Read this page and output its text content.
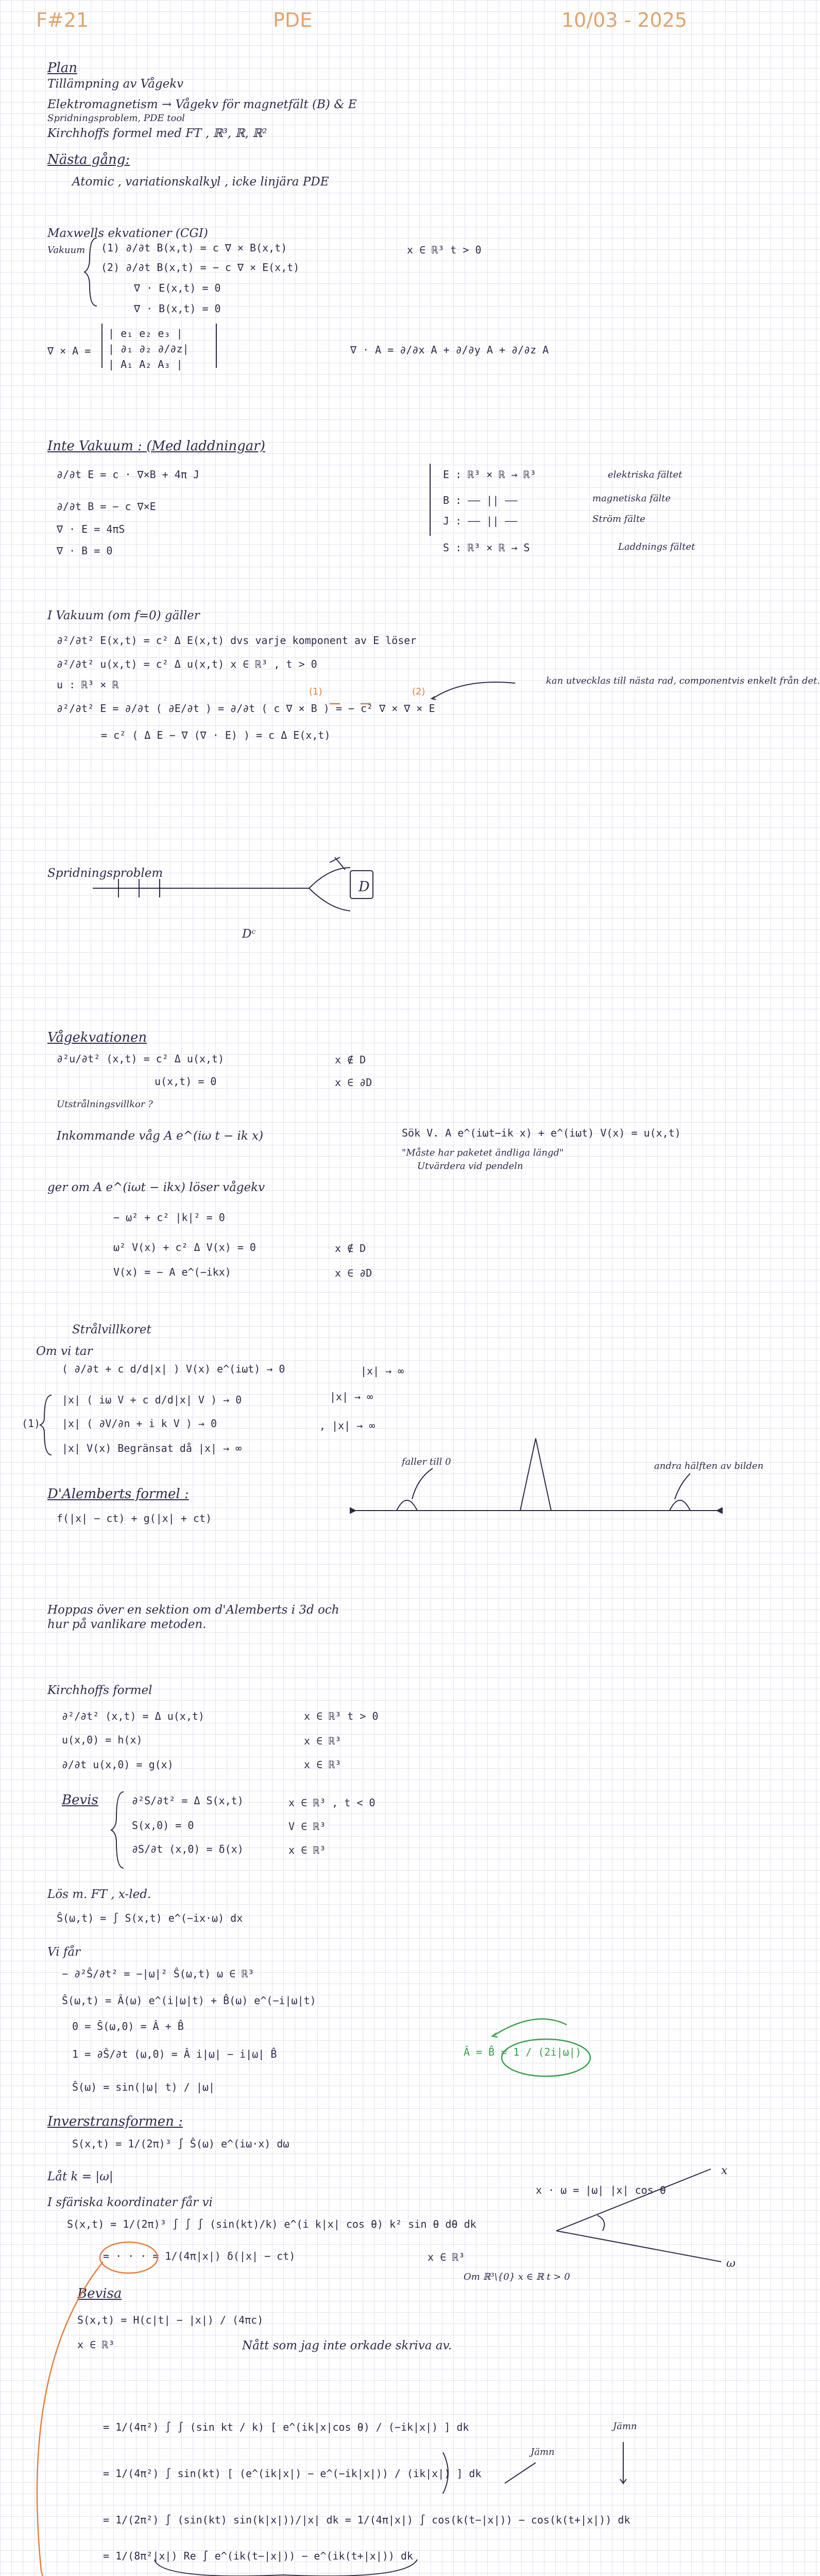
F#21	PDE	10/03 - 2025
Plan
Tillämpning av Vågekv
Elektromagnetism → Vågekv för magnetfält (B) & E
Spridningsproblem, PDE tool
Kirchhoffs formel med FT , ℝ³, ℝ, ℝ²
Nästa gång:
Atomic , variationskalkyl , icke linjära PDE
Maxwells ekvationer (CGI)
Vakuum (1) ∂/∂t B(x,t) = c ∇ × B(x,t)	x ∈ ℝ³ t > 0
(2) ∂/∂t B(x,t) = − c ∇ × E(x,t)
∇ · E(x,t) = 0
∇ · B(x,t) = 0
∇ × A =
| e₁ e₂ e₃ |
| ∂₁ ∂₂ ∂/∂z|
| A₁ A₂ A₃ |
∇ · A = ∂/∂x A + ∂/∂y A + ∂/∂z A
Inte Vakuum : (Med laddningar)
∂/∂t E = c · ∇×B + 4π J
∂/∂t B = − c ∇×E
∇ · E = 4πS
∇ · B = 0
E : ℝ³ × ℝ → ℝ³	elektriska fältet
B : —— || ——	magnetiska fälte
J : —— || ——	Ström fälte
S : ℝ³ × ℝ → S	Laddnings fältet
I Vakuum (om f=0) gäller
∂²/∂t² E(x,t) = c² Δ E(x,t) dvs varje komponent av E löser
∂²/∂t² u(x,t) = c² Δ u(x,t) x ∈ ℝ³ , t > 0
u : ℝ³ × ℝ	kan utvecklas till nästa rad, componentvis enkelt från det.
∂²/∂t² E = ∂/∂t ( ∂E/∂t ) = ∂/∂t ( c ∇ × B ) = − c² ∇ × ∇ × E
= c² ( Δ E − ∇ (∇ · E) ) = c Δ E(x,t)
Spridningsproblem
D
Dᶜ
Vågekvationen
∂²u/∂t² (x,t) = c² Δ u(x,t)	x ∉ D
u(x,t) = 0	x ∈ ∂D
Utstrålningsvillkor ?
Inkommande våg A e^(iω t − ik x)	Sök V. A e^(iωt−ik x) + e^(iωt) V(x) = u(x,t)
"Måste har paketet ändliga längd"
Utvärdera vid pendeln
ger om A e^(iωt − ikx) löser vågekv
− ω² + c² |k|² = 0
ω² V(x) + c² Δ V(x) = 0	x ∉ D
V(x) = − A e^(−ikx)	x ∈ ∂D
Strålvillkoret
Om vi tar
( ∂/∂t + c d/d|x| ) V(x) e^(iωt) → 0	|x| → ∞
|x| ( iω V + c d/d|x| V ) → 0	|x| → ∞
(1) |x| ( ∂V/∂n + i k V ) → 0	, |x| → ∞
|x| V(x) Begränsat då |x| → ∞
D'Alemberts formel :
f(|x| − ct) + g(|x| + ct)
faller till 0	andra hälften av bilden
Hoppas över en sektion om d'Alemberts i 3d och
hur på vanlikare metoden.
Kirchhoffs formel
∂²/∂t² (x,t) = Δ u(x,t)	x ∈ ℝ³ t > 0
u(x,0) = h(x)	x ∈ ℝ³
∂/∂t u(x,0) = g(x)	x ∈ ℝ³
Bevis	∂²S/∂t² = Δ S(x,t)	x ∈ ℝ³ , t < 0
S(x,0) = 0	V ∈ ℝ³
∂S/∂t (x,0) = δ(x)	x ∈ ℝ³
Lös m. FT , x-led.
Ŝ(ω,t) = ∫ S(x,t) e^(−ix·ω) dx
Vi får
− ∂²Ŝ/∂t² = −|ω|² Ŝ(ω,t) ω ∈ ℝ³
Ŝ(ω,t) = Â(ω) e^(i|ω|t) + B̂(ω) e^(−i|ω|t)
0 = Ŝ(ω,0) = Â + B̂
1 = ∂Ŝ/∂t (ω,0) = Â i|ω| − i|ω| B̂	Â = B̂ = 1 / (2i|ω|)
Ŝ(ω) = sin(|ω| t) / |ω|
Inverstransformen :
S(x,t) = 1/(2π)³ ∫ Ŝ(ω) e^(iω·x) dω
Låt k = |ω|
I sfäriska koordinater får vi
S(x,t) = 1/(2π)³ ∫ ∫ ∫ (sin(kt)/k) e^(i k|x| cos θ) k² sin θ dθ dk
x · ω = |ω| |x| cos θ
= · · · = 1/(4π|x|) δ(|x| − ct)	x ∈ ℝ³
Om ℝ³\{0} x ∈ ℝ t > 0
Bevisa
S(x,t) = H(c|t| − |x|) / (4πc)
x ∈ ℝ³	Nått som jag inte orkade skriva av.
= 1/(4π²) ∫ ∫ (sin kt / k) [ e^(ik|x|cos θ) / (−ik|x|) ] dk
= 1/(4π²) ∫ sin(kt) [ (e^(ik|x|) − e^(−ik|x|)) / (ik|x|) ] dk
Jämn
Jämn
= 1/(2π²) ∫ (sin(kt) sin(k|x|))/|x| dk = 1/(4π|x|) ∫ cos(k(t−|x|)) − cos(k(t+|x|)) dk
= 1/(8π²|x|) Re ∫ e^(ik(t−|x|)) − e^(ik(t+|x|)) dk
x
ω
(1)	(2)
